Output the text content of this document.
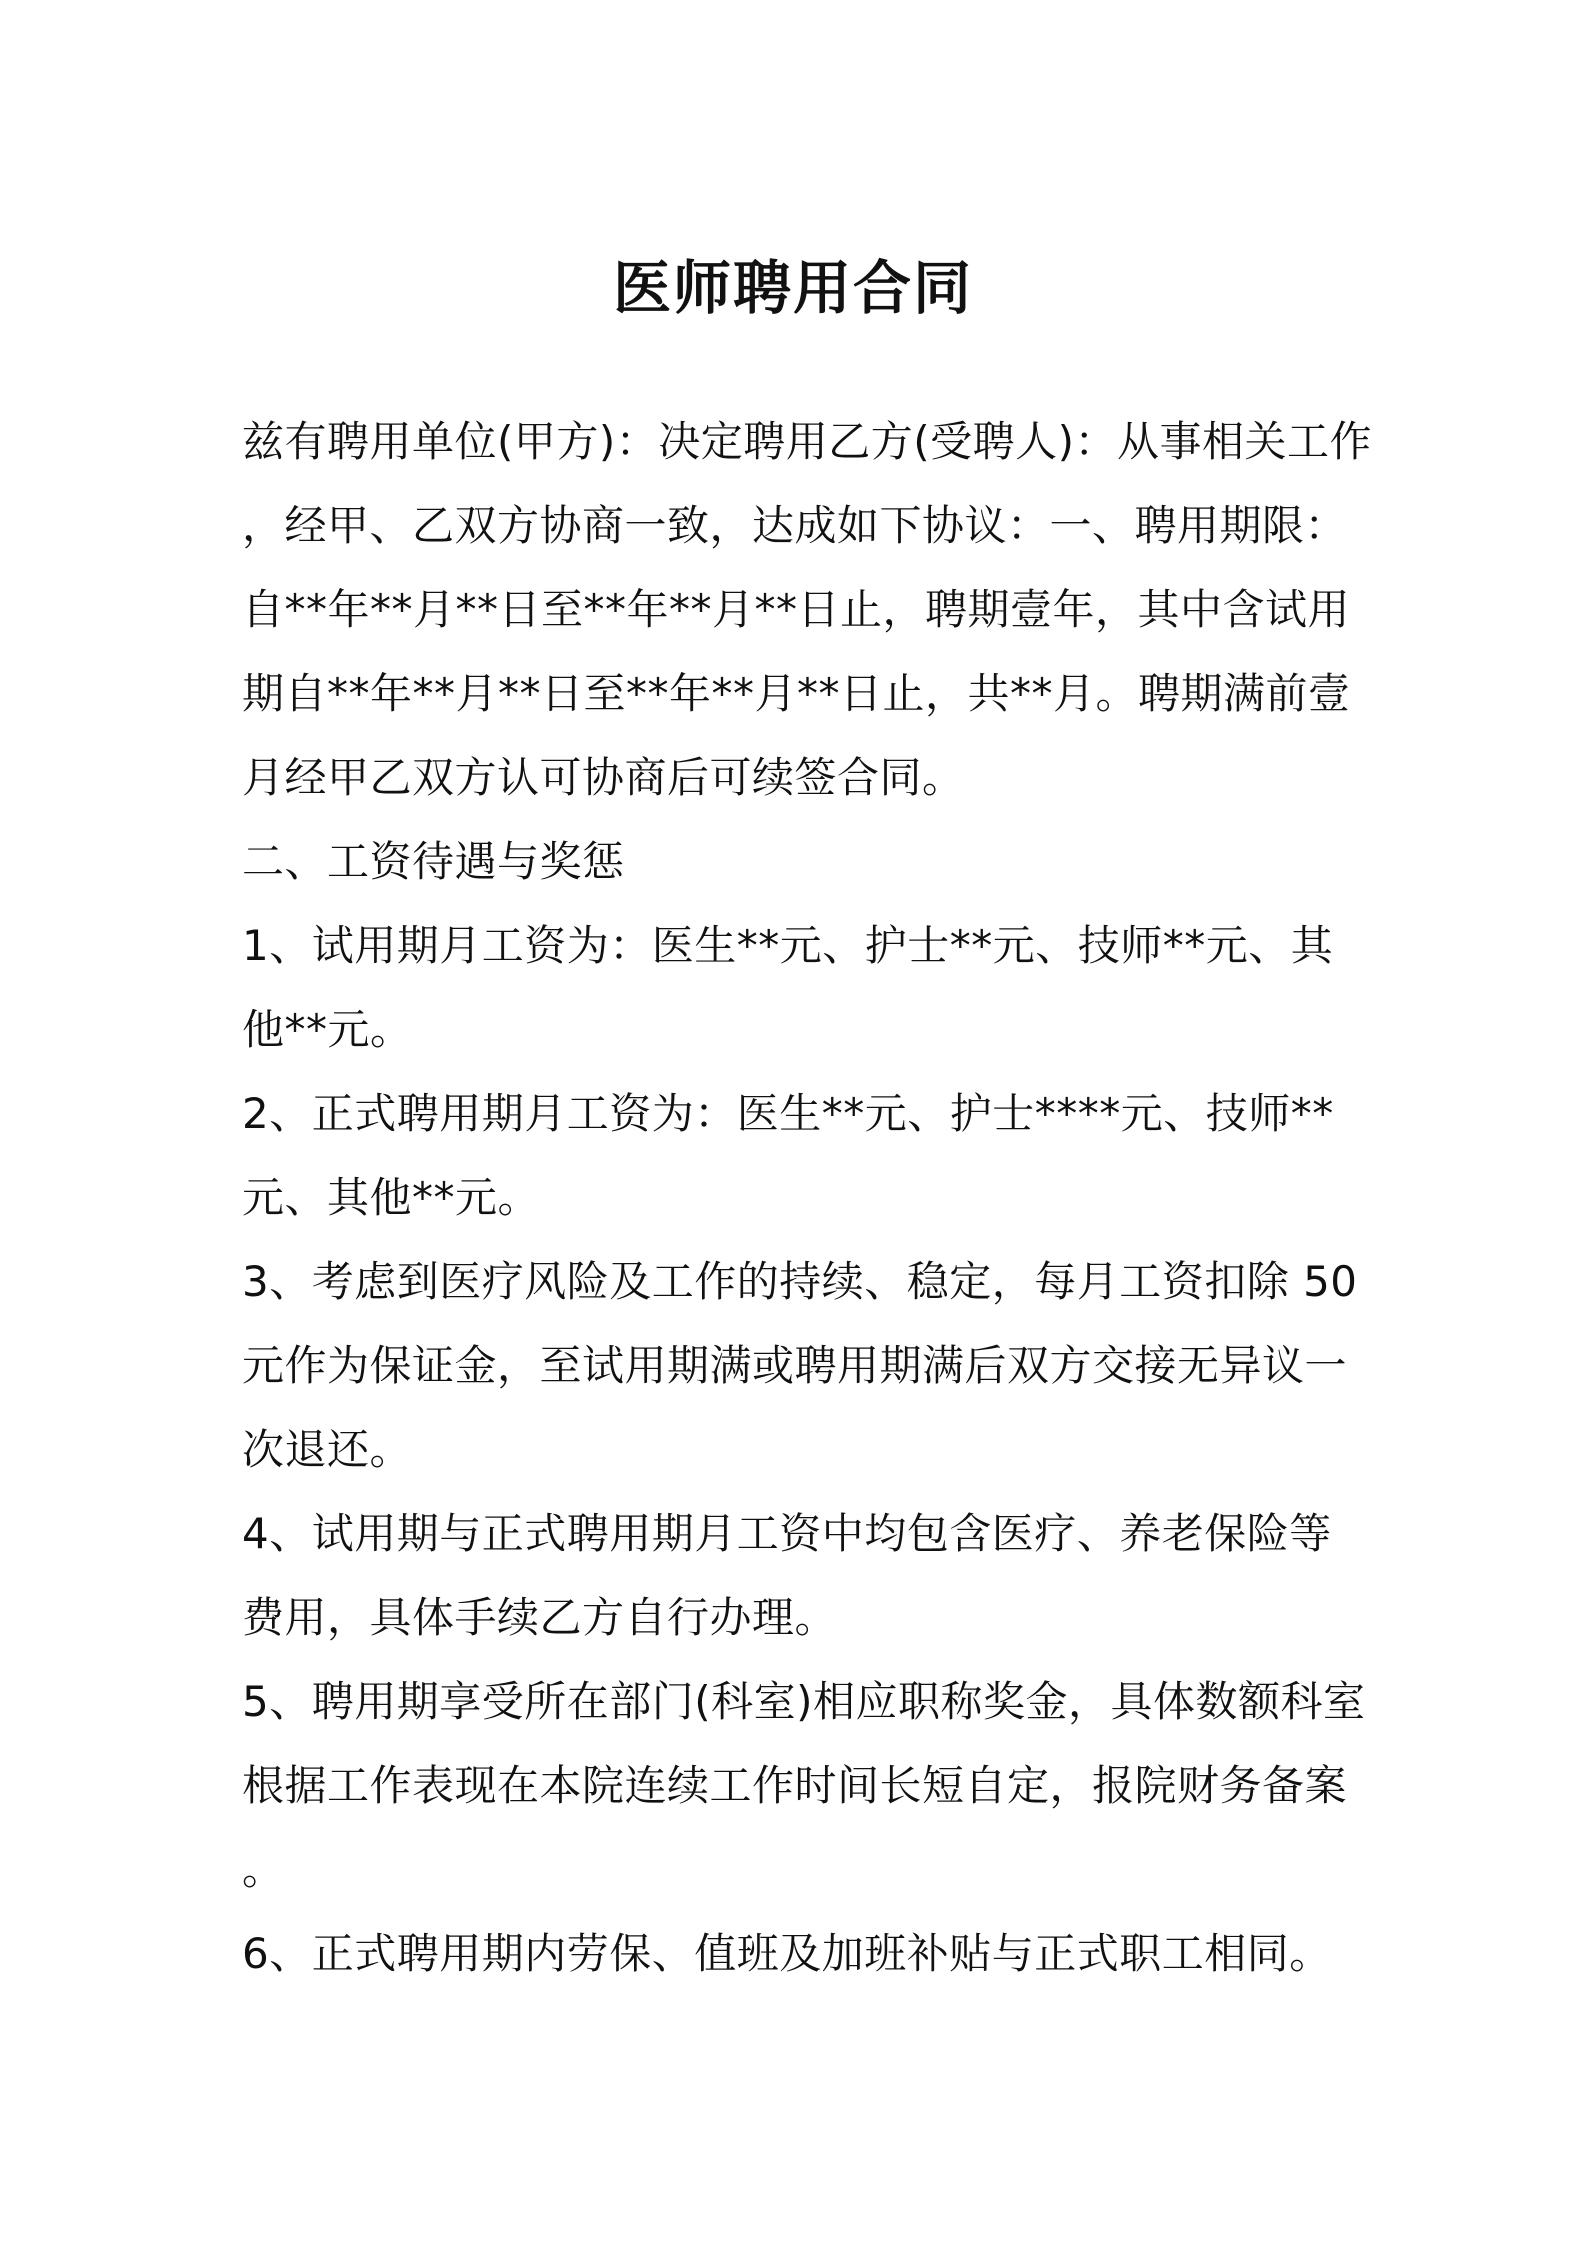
医师聘用合同
兹有聘用单位(甲方)：决定聘用乙方(受聘人)：从事相关工作
，经甲、乙双方协商一致，达成如下协议：一、聘用期限：
自**年**月**日至**年**月**日止，聘期壹年，其中含试用
期自**年**月**日至**年**月**日止，共**月。聘期满前壹
月经甲乙双方认可协商后可续签合同。
二、工资待遇与奖惩
1、试用期月工资为：医生**元、护士**元、技师**元、其
他**元。
2、正式聘用期月工资为：医生**元、护士****元、技师**
元、其他**元。
3、考虑到医疗风险及工作的持续、稳定，每月工资扣除 50
元作为保证金，至试用期满或聘用期满后双方交接无异议一
次退还。
4、试用期与正式聘用期月工资中均包含医疗、养老保险等
费用，具体手续乙方自行办理。
5、聘用期享受所在部门(科室)相应职称奖金，具体数额科室
根据工作表现在本院连续工作时间长短自定，报院财务备案
。
6、正式聘用期内劳保、值班及加班补贴与正式职工相同。
